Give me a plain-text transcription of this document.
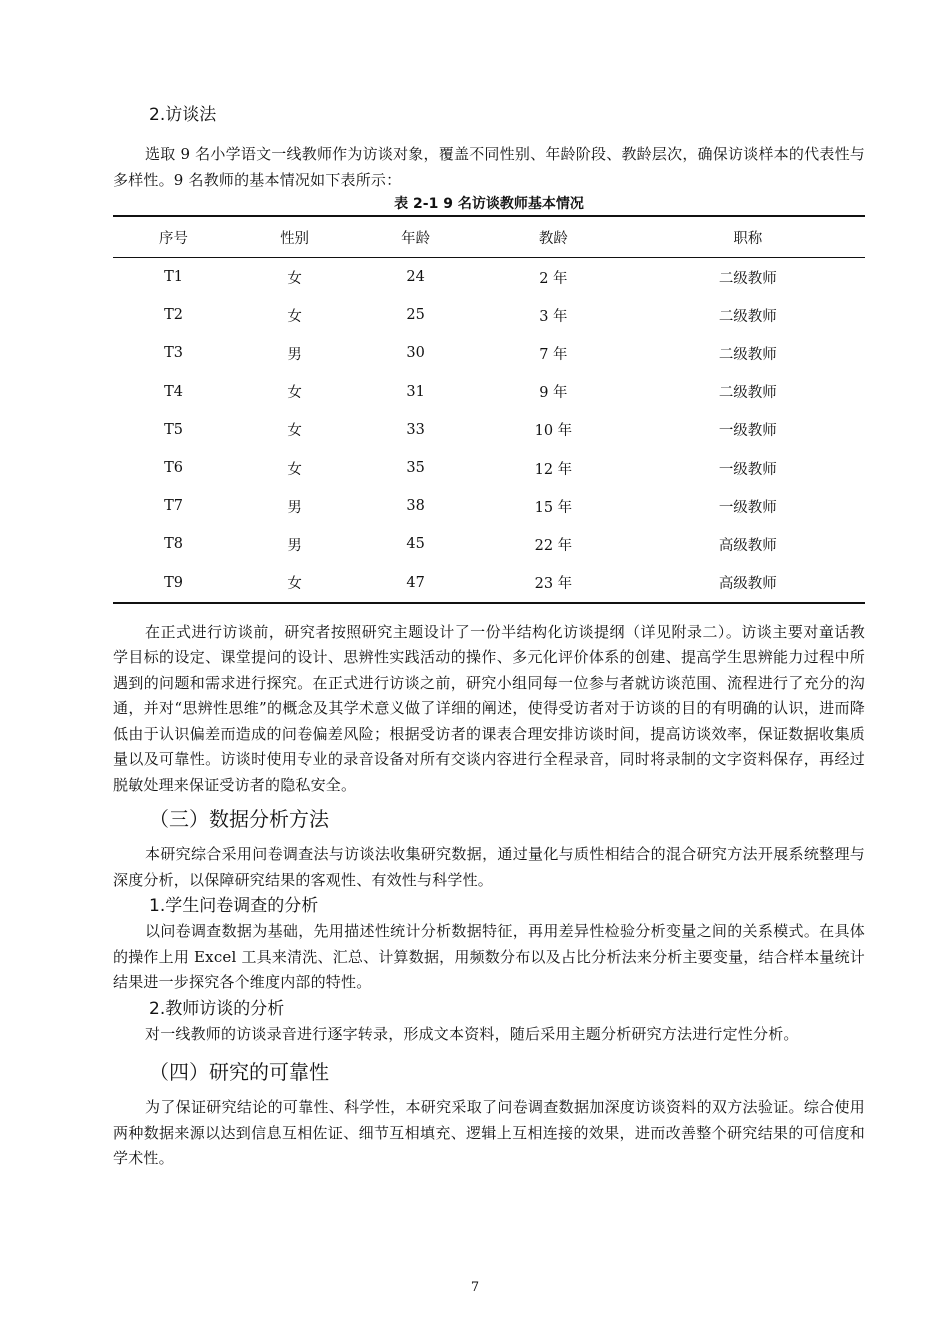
2.访谈法

选取 9 名小学语文一线教师作为访谈对象，覆盖不同性别、年龄阶段、教龄层次，确保访谈样本的代表性与多样性。9 名教师的基本情况如下表所示：

表 2-1 9 名访谈教师基本情况

序号	性别	年龄	教龄	职称
T1	女	24	2 年	二级教师
T2	女	25	3 年	二级教师
T3	男	30	7 年	二级教师
T4	女	31	9 年	二级教师
T5	女	33	10 年	一级教师
T6	女	35	12 年	一级教师
T7	男	38	15 年	一级教师
T8	男	45	22 年	高级教师
T9	女	47	23 年	高级教师

在正式进行访谈前，研究者按照研究主题设计了一份半结构化访谈提纲（详见附录二）。访谈主要对童话教学目标的设定、课堂提问的设计、思辨性实践活动的操作、多元化评价体系的创建、提高学生思辨能力过程中所遇到的问题和需求进行探究。在正式进行访谈之前，研究小组同每一位参与者就访谈范围、流程进行了充分的沟通，并对“思辨性思维”的概念及其学术意义做了详细的阐述，使得受访者对于访谈的目的有明确的认识，进而降低由于认识偏差而造成的问卷偏差风险；根据受访者的课表合理安排访谈时间，提高访谈效率，保证数据收集质量以及可靠性。访谈时使用专业的录音设备对所有交谈内容进行全程录音，同时将录制的文字资料保存，再经过脱敏处理来保证受访者的隐私安全。

（三）数据分析方法

本研究综合采用问卷调查法与访谈法收集研究数据，通过量化与质性相结合的混合研究方法开展系统整理与深度分析，以保障研究结果的客观性、有效性与科学性。

1.学生问卷调查的分析

以问卷调查数据为基础，先用描述性统计分析数据特征，再用差异性检验分析变量之间的关系模式。在具体的操作上用 Excel 工具来清洗、汇总、计算数据，用频数分布以及占比分析法来分析主要变量，结合样本量统计结果进一步探究各个维度内部的特性。

2.教师访谈的分析

对一线教师的访谈录音进行逐字转录，形成文本资料，随后采用主题分析研究方法进行定性分析。

（四）研究的可靠性

为了保证研究结论的可靠性、科学性，本研究采取了问卷调查数据加深度访谈资料的双方法验证。综合使用两种数据来源以达到信息互相佐证、细节互相填充、逻辑上互相连接的效果，进而改善整个研究结果的可信度和学术性。

7
